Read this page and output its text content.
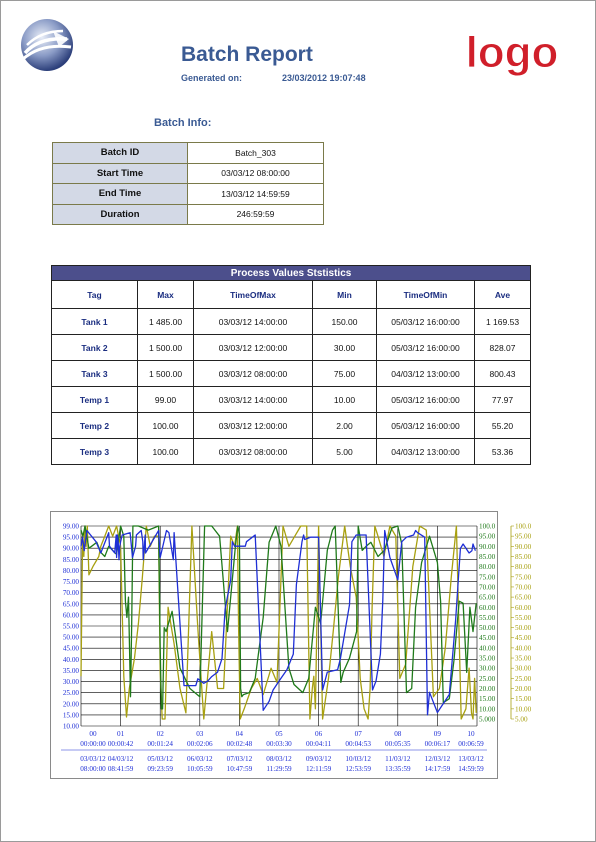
Batch Report
Generated on:	23/03/2012 19:07:48
logo
Batch Info:
Batch ID	Batch_303
Start Time	03/03/12 08:00:00
End Time	13/03/12 14:59:59
Duration	246:59:59
Process Values Ststistics					
Tag	Max	TimeOfMax	Min	TimeOfMin	Ave
Tank 1	1 485.00	03/03/12 14:00:00	150.00	05/03/12 16:00:00	1 169.53
Tank 2	1 500.00	03/03/12 12:00:00	30.00	05/03/12 16:00:00	828.07
Tank 3	1 500.00	03/03/12 08:00:00	75.00	04/03/12 13:00:00	800.43
Temp 1	99.00	03/03/12 14:00:00	10.00	05/03/12 16:00:00	77.97
Temp 2	100.00	03/03/12 12:00:00	2.00	05/03/12 16:00:00	55.20
Temp 3	100.00	03/03/12 08:00:00	5.00	04/03/12 13:00:00	53.36
10.00
15.00
20.00
25.00
30.00
35.00
40.00
45.00
50.00
55.00
60.00
65.00
70.00
75.00
80.00
85.00
90.00
95.00
99.00
00
00:00:00
03/03/12
08:00:00
01
00:00:42
04/03/12
08:41:59
02
00:01:24
05/03/12
09:23:59
03
00:02:06
06/03/12
10:05:59
04
00:02:48
07/03/12
10:47:59
05
00:03:30
08/03/12
11:29:59
06
00:04:11
09/03/12
12:11:59
07
00:04:53
10/03/12
12:53:59
08
00:05:35
11/03/12
13:35:59
09
00:06:17
12/03/12
14:17:59
10
00:06:59
13/03/12
14:59:59
5.000
10.00
15.00
20.00
25.00
30.00
35.00
40.00
45.00
50.00
55.00
60.00
65.00
70.00
75.00
80.00
85.00
90.00
95.00
100.0
5.00
10.00
15.00
20.00
25.00
30.00
35.00
40.00
45.00
50.00
55.00
60.00
65.00
70.00
75.00
80.00
85.00
90.00
95.00
100.0
